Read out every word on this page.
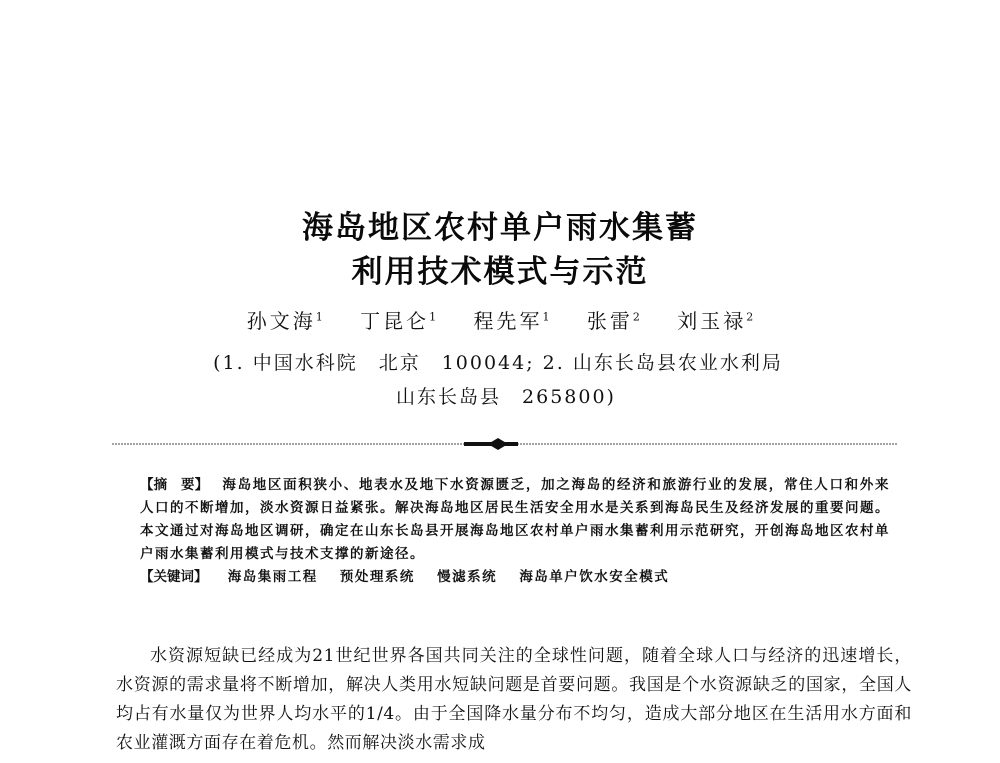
海岛地区农村单户雨水集蓄
利用技术模式与示范
孙文海$^1$ 丁昆仑$^1$ 程先军$^1$ 张雷$^2$ 刘玉禄$^2$
(1. 中国水科院　北京　100044; 2. 山东长岛县农业水利局
山东长岛县　265800)
【摘　要】 海岛地区面积狭小、地表水及地下水资源匮乏，加之海岛的经济和旅游行业的发展，常住人口和外来人口的不断增加，淡水资源日益紧张。解决海岛地区居民生活安全用水是关系到海岛民生及经济发展的重要问题。本文通过对海岛地区调研，确定在山东长岛县开展海岛地区农村单户雨水集蓄利用示范研究，开创海岛地区农村单户雨水集蓄利用模式与技术支撑的新途径。
【关键词】 海岛集雨工程 预处理系统 慢滤系统 海岛单户饮水安全模式

水资源短缺已经成为21世纪世界各国共同关注的全球性问题，随着全球人口与经济的迅速增长，水资源的需求量将不断增加，解决人类用水短缺问题是首要问题。我国是个水资源缺乏的国家，全国人均占有水量仅为世界人均水平的1/4。由于全国降水量分布不均匀，造成大部分地区在生活用水方面和农业灌溉方面存在着危机。然而解决淡水需求成
